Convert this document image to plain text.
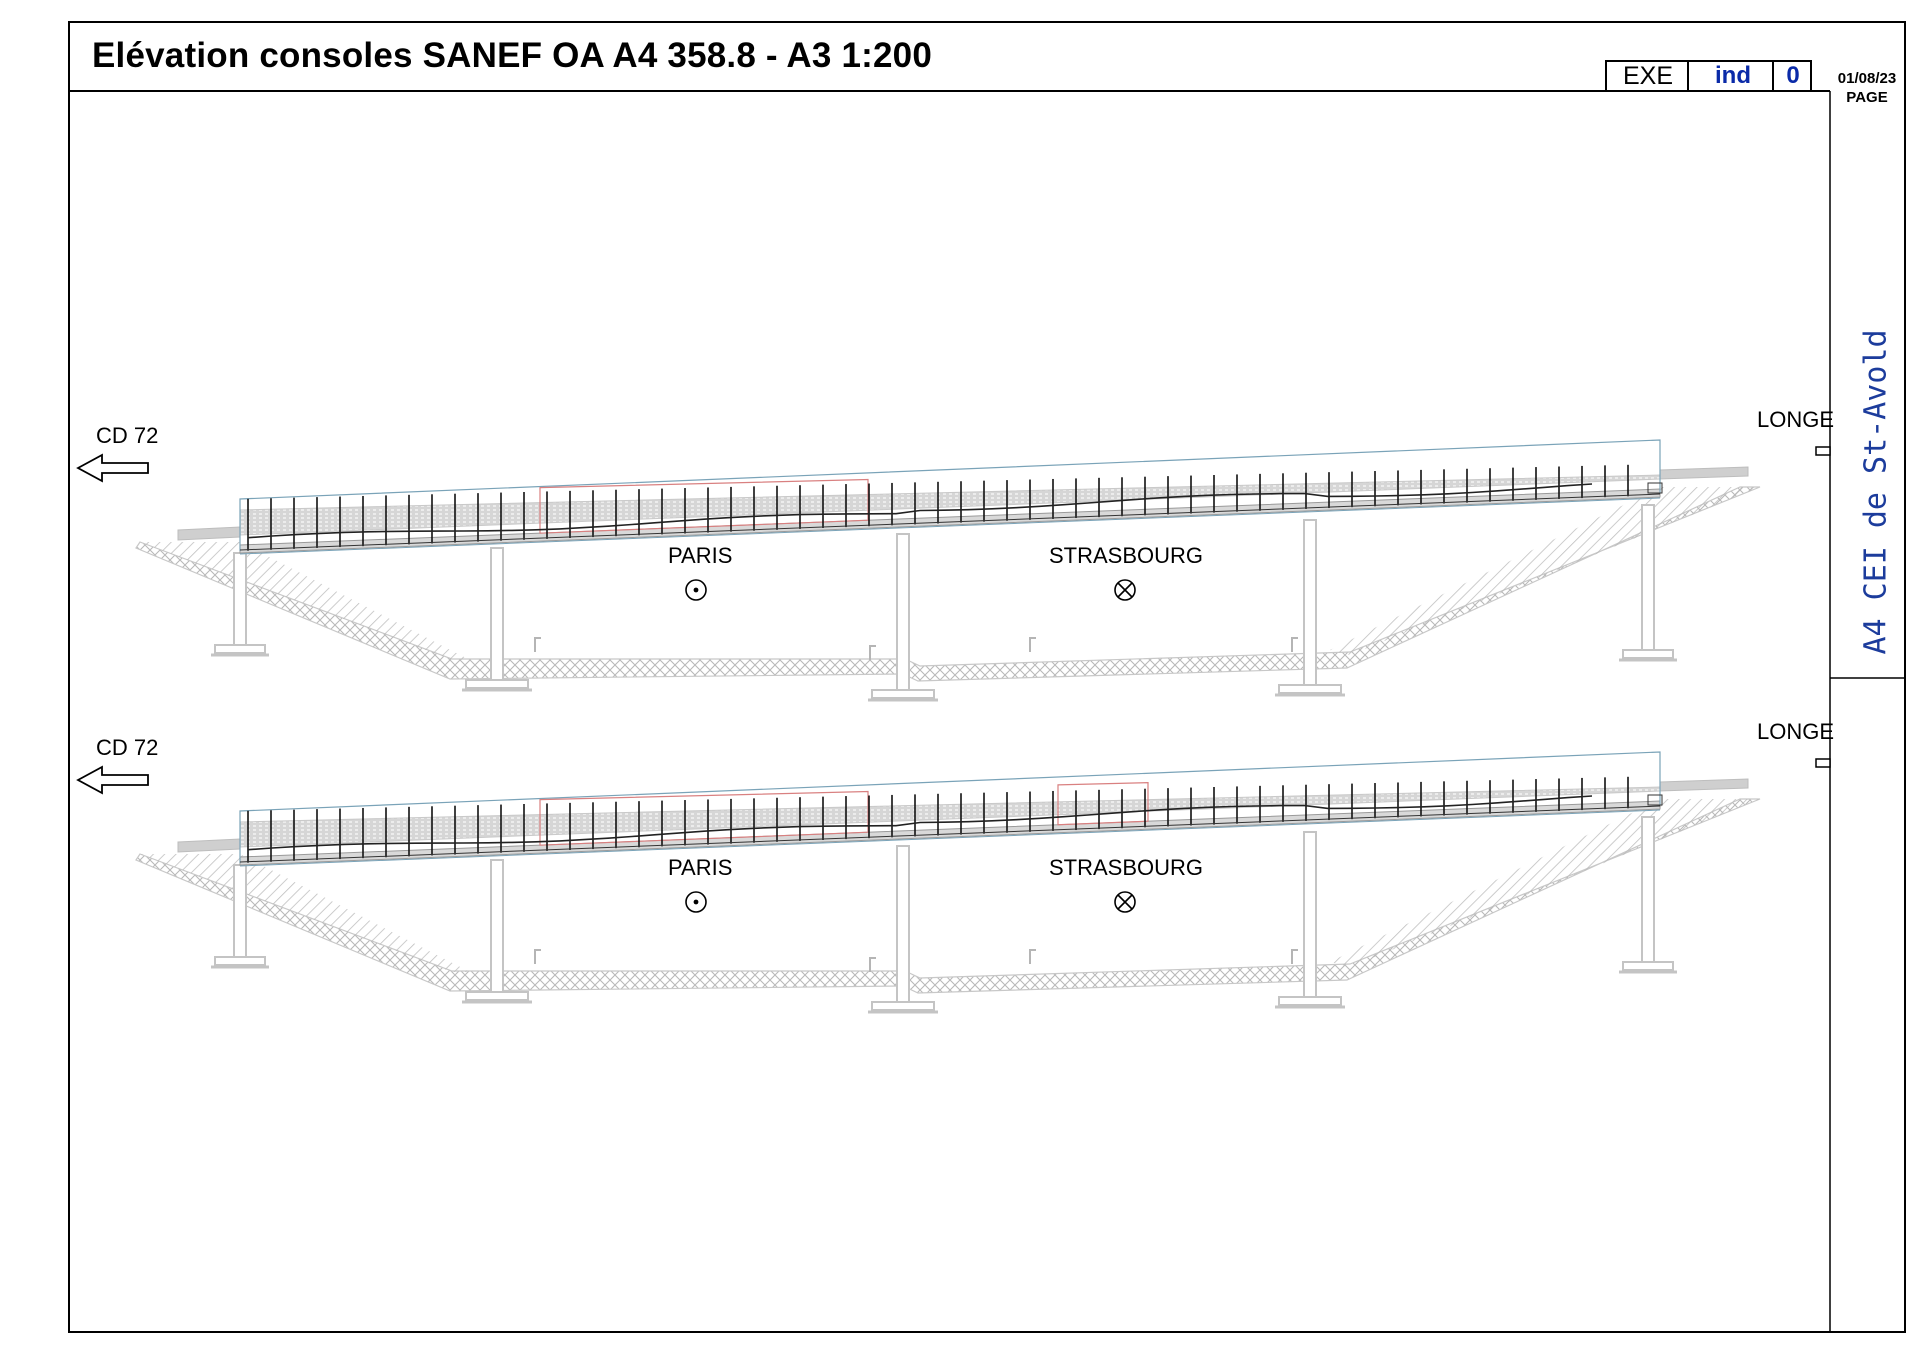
Elévation consoles SANEF OA A4 358.8 - A3 1:200
EXE	ind	0	01/08/23
PAGE
A4 CEI de St-Avold
CD 72
LONGE
PARIS	STRASBOURG
CD 72
LONGE
PARIS	STRASBOURG
